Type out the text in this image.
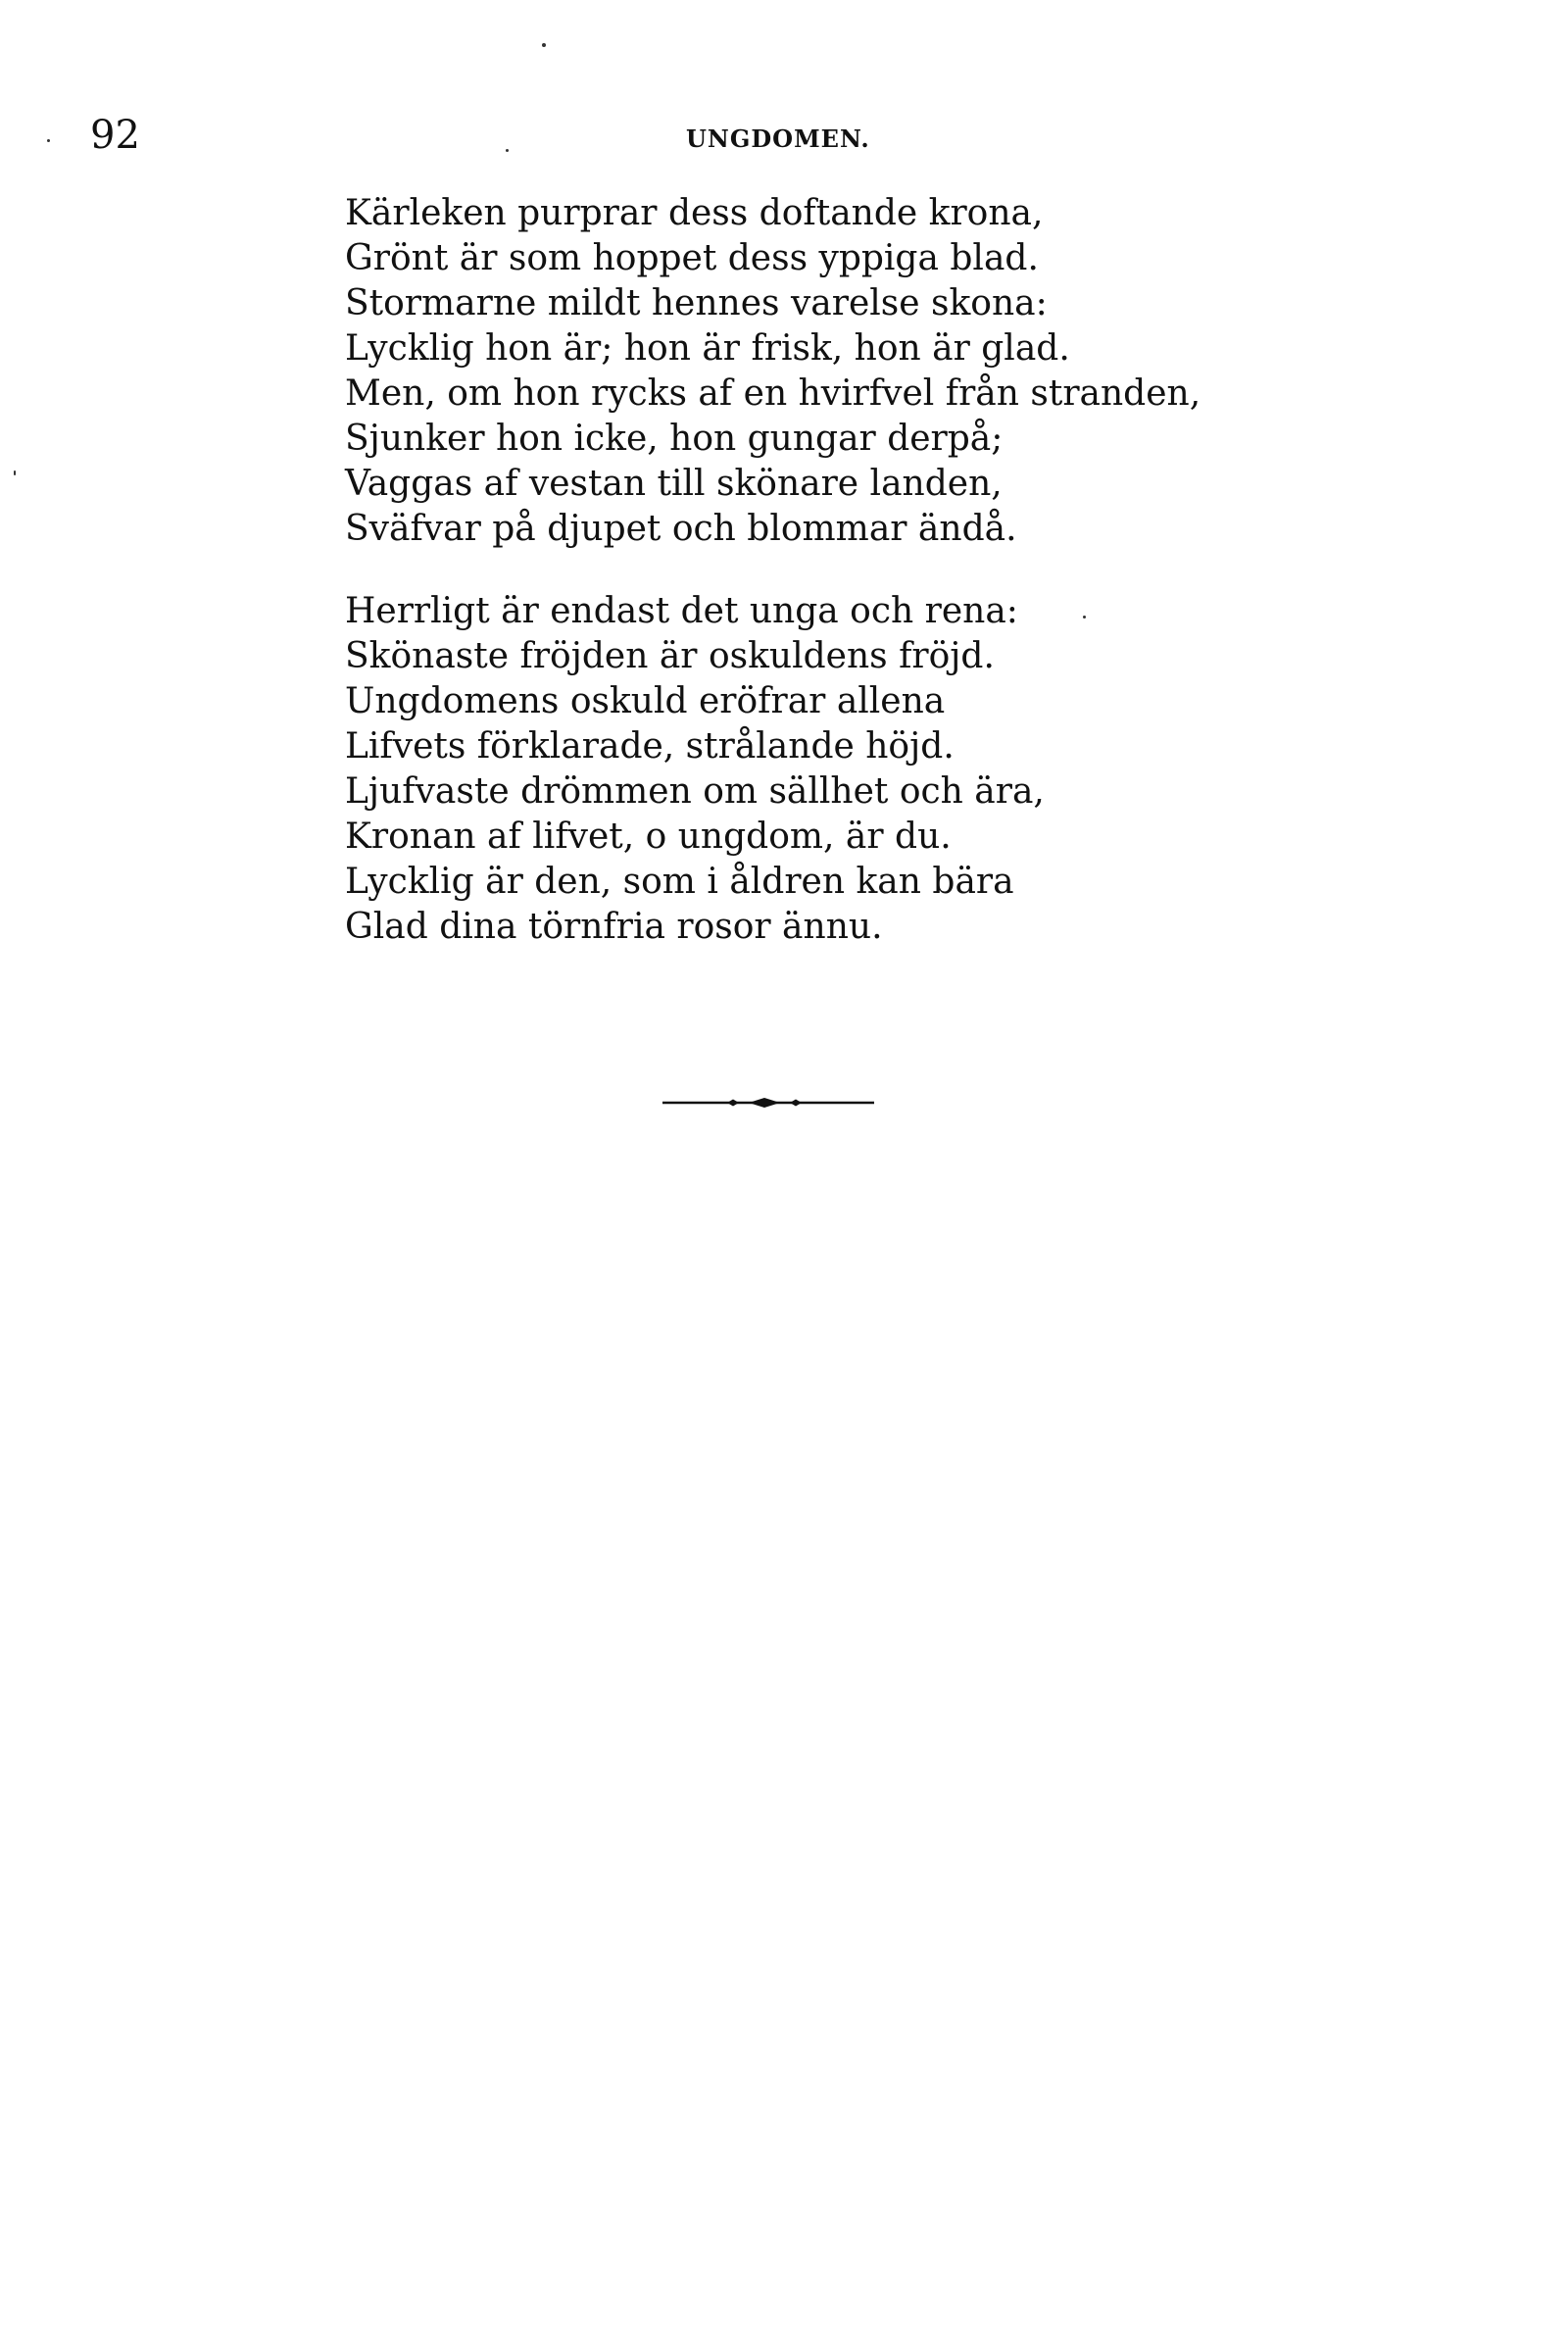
92	UNGDOMEN.
Kärleken purprar dess doftande krona,
Grönt är som hoppet dess yppiga blad.
Stormarne mildt hennes varelse skona:
Lycklig hon är; hon är frisk, hon är glad.
Men, om hon rycks af en hvirfvel från stranden,
Sjunker hon icke, hon gungar derpå;
Vaggas af vestan till skönare landen,
Sväfvar på djupet och blommar ändå.
Herrligt är endast det unga och rena:
Skönaste fröjden är oskuldens fröjd.
Ungdomens oskuld eröfrar allena
Lifvets förklarade, strålande höjd.
Ljufvaste drömmen om sällhet och ära,
Kronan af lifvet, o ungdom, är du.
Lycklig är den, som i åldren kan bära
Glad dina törnfria rosor ännu.
